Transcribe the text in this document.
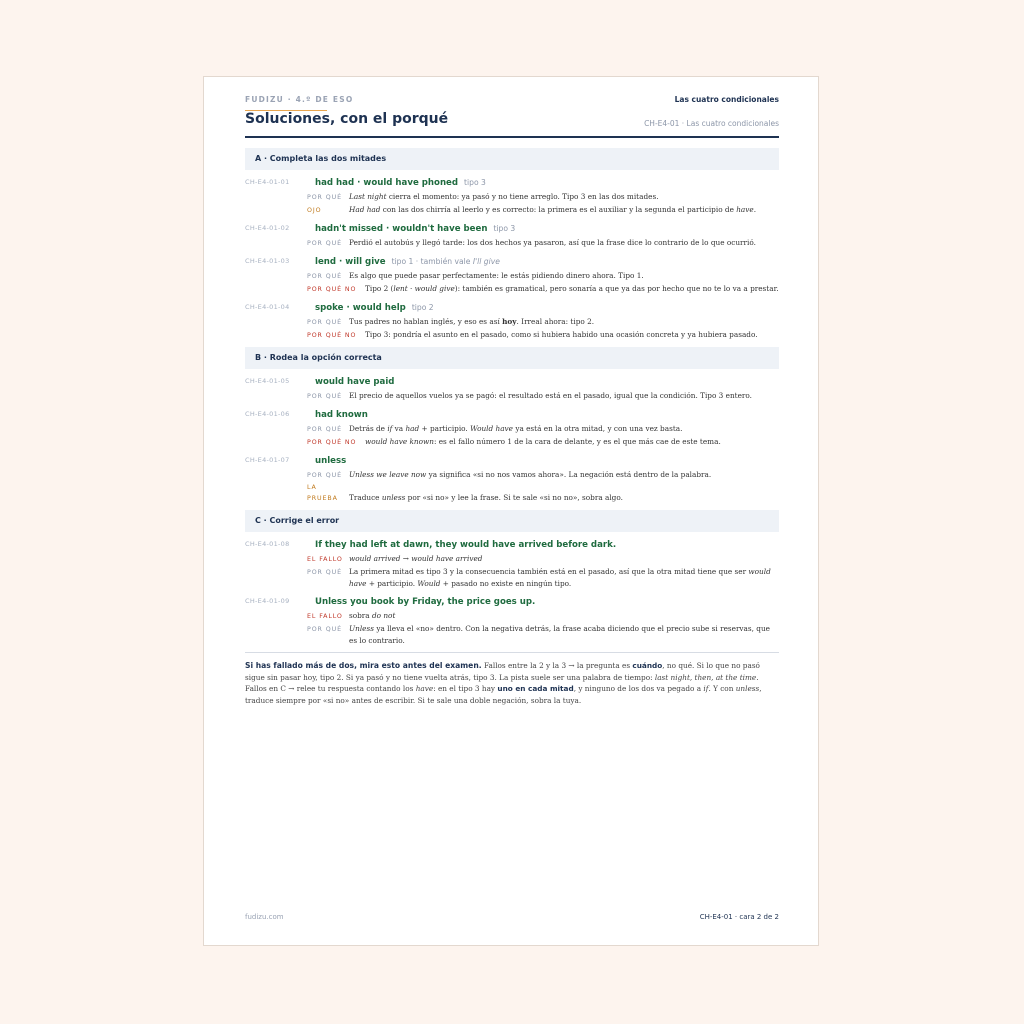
FUDIZU · 4.º DE ESO	Las cuatro condicionales
Soluciones, con el porqué	CH-E4-01 · Las cuatro condicionales
A · Completa las dos mitades
CH-E4-01-01	had had · would have phoned tipo 3
POR QUÉ Last night cierra el momento: ya pasó y no tiene arreglo. Tipo 3 en las dos mitades.
OJO	Had had con las dos chirría al leerlo y es correcto: la primera es el auxiliar y la segunda el participio de have.
CH-E4-01-02	hadn't missed · wouldn't have been tipo 3
POR QUÉ Perdió el autobús y llegó tarde: los dos hechos ya pasaron, así que la frase dice lo contrario de lo que ocurrió.
CH-E4-01-03	lend · will give tipo 1 · también vale I'll give
POR QUÉ Es algo que puede pasar perfectamente: le estás pidiendo dinero ahora. Tipo 1.
POR QUÉ NO Tipo 2 (lent · would give): también es gramatical, pero sonaría a que ya das por hecho que no te lo va a prestar.
CH-E4-01-04	spoke · would help tipo 2
POR QUÉ Tus padres no hablan inglés, y eso es así hoy. Irreal ahora: tipo 2.
POR QUÉ NO Tipo 3: pondría el asunto en el pasado, como si hubiera habido una ocasión concreta y ya hubiera pasado.
B · Rodea la opción correcta
CH-E4-01-05	would have paid
POR QUÉ El precio de aquellos vuelos ya se pagó: el resultado está en el pasado, igual que la condición. Tipo 3 entero.
CH-E4-01-06	had known
POR QUÉ Detrás de if va had + participio. Would have ya está en la otra mitad, y con una vez basta.
POR QUÉ NO would have known: es el fallo número 1 de la cara de delante, y es el que más cae de este tema.
CH-E4-01-07	unless
POR QUÉ Unless we leave now ya significa «si no nos vamos ahora». La negación está dentro de la palabra.
LA PRUEBA Traduce unless por «si no» y lee la frase. Si te sale «si no no», sobra algo.
C · Corrige el error
CH-E4-01-08	If they had left at dawn, they would have arrived before dark.
EL FALLO would arrived → would have arrived
POR QUÉ La primera mitad es tipo 3 y la consecuencia también está en el pasado, así que la otra mitad tiene que ser would have + participio. Would + pasado no existe en ningún tipo.
CH-E4-01-09	Unless you book by Friday, the price goes up.
EL FALLO sobra do not
POR QUÉ Unless ya lleva el «no» dentro. Con la negativa detrás, la frase acaba diciendo que el precio sube si reservas, que es lo contrario.
Si has fallado más de dos, mira esto antes del examen. Fallos entre la 2 y la 3 → la pregunta es cuándo, no qué. Si lo que no pasó sigue sin pasar hoy, tipo 2. Si ya pasó y no tiene vuelta atrás, tipo 3. La pista suele ser una palabra de tiempo: last night, then, at the time. Fallos en C → relee tu respuesta contando los have: en el tipo 3 hay uno en cada mitad, y ninguno de los dos va pegado a if. Y con unless, traduce siempre por «si no» antes de escribir. Si te sale una doble negación, sobra la tuya.
fudizu.com	CH-E4-01 · cara 2 de 2
